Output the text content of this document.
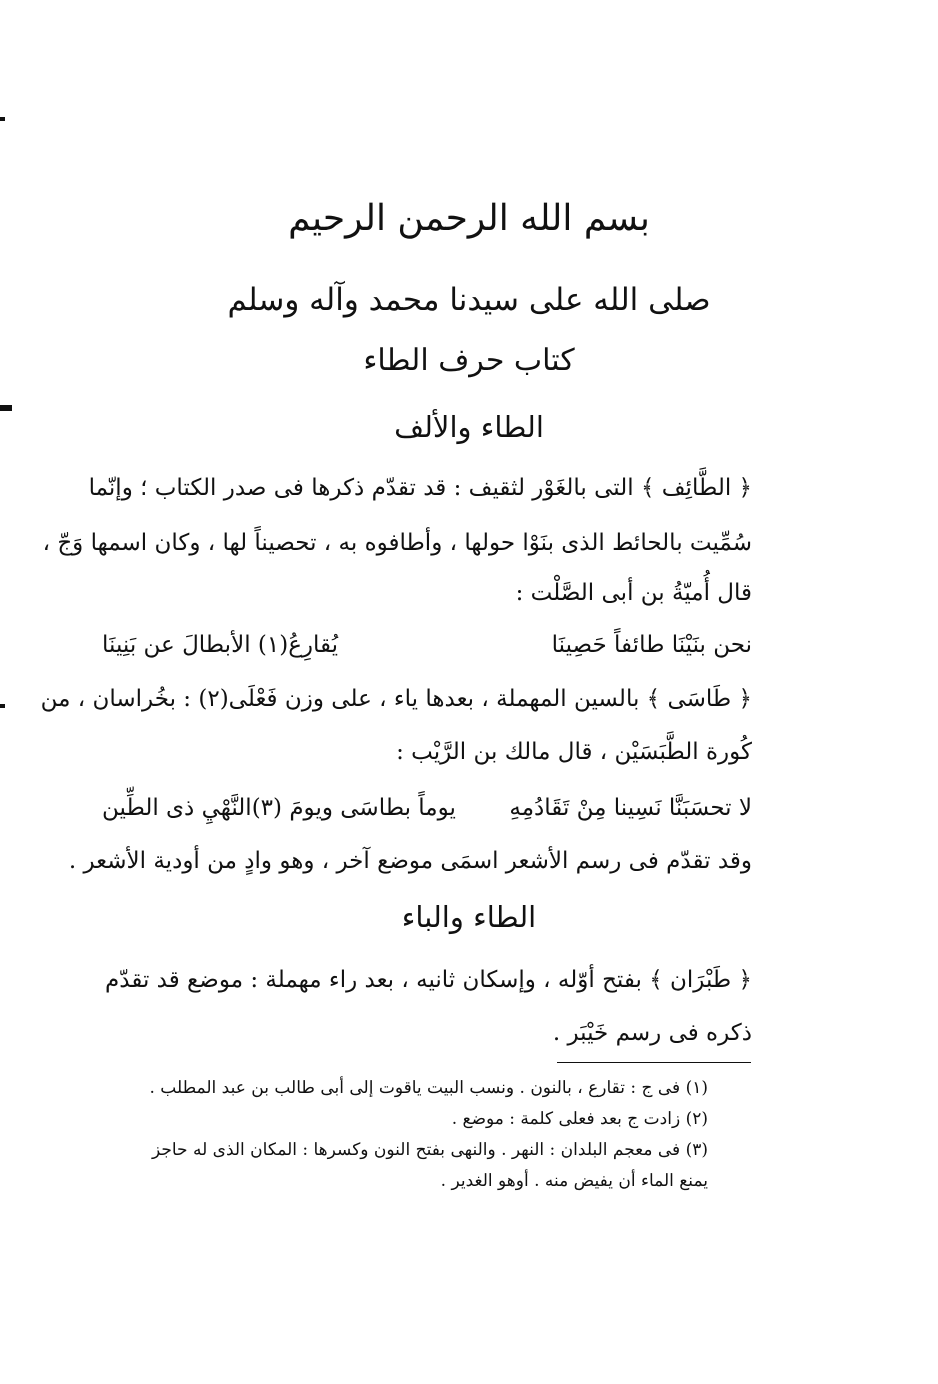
بسم الله الرحمن الرحيم
صلى الله على سيدنا محمد وآله وسلم
كتاب حرف الطاء
الطاء والألف
﴿ الطَّائِف ﴾ التى بالغَوْر لثقيف : قد تقدّم ذكرها فى صدر الكتاب ؛ وإنّما
سُمِّيت بالحائط الذى بنَوْا حولها ، وأطافوه به ، تحصيناً لها ، وكان اسمها وَجّ ،
قال أُميّةُ بن أبى الصَّلْت :
نحن بنَيْنَا طائفاً حَصِينَا
يُقارِعُ(١) الأبطالَ عن بَنِينَا
﴿ طَاسَى ﴾ بالسين المهملة ، بعدها ياء ، على وزن فَعْلَى(٢) : بخُراسان ، من
كُورة الطَّبَسَيْن ، قال مالك بن الرَّيْب :
لا تحسَبَنَّا نَسِينا مِنْ تَقَادُمِهِ
يوماً بطاسَى ويومَ (٣)النَّهْيِ ذى الطِّين
وقد تقدّم فى رسم الأشعر اسمَى موضع آخر ، وهو وادٍ من أودية الأشعر .
الطاء والباء
﴿ طَبْرَان ﴾ بفتح أوّله ، وإسكان ثانيه ، بعد راء مهملة : موضع قد تقدّم
ذكره فى رسم خَيْبَر .
(١) فى ج : تقارع ، بالنون . ونسب البيت ياقوت إلى أبى طالب بن عبد المطلب .
(٢) زادت ج بعد فعلى كلمة : موضع .
(٣) فى معجم البلدان : النهر . والنهى بفتح النون وكسرها : المكان الذى له حاجز
يمنع الماء أن يفيض منه . أوهو الغدير .
